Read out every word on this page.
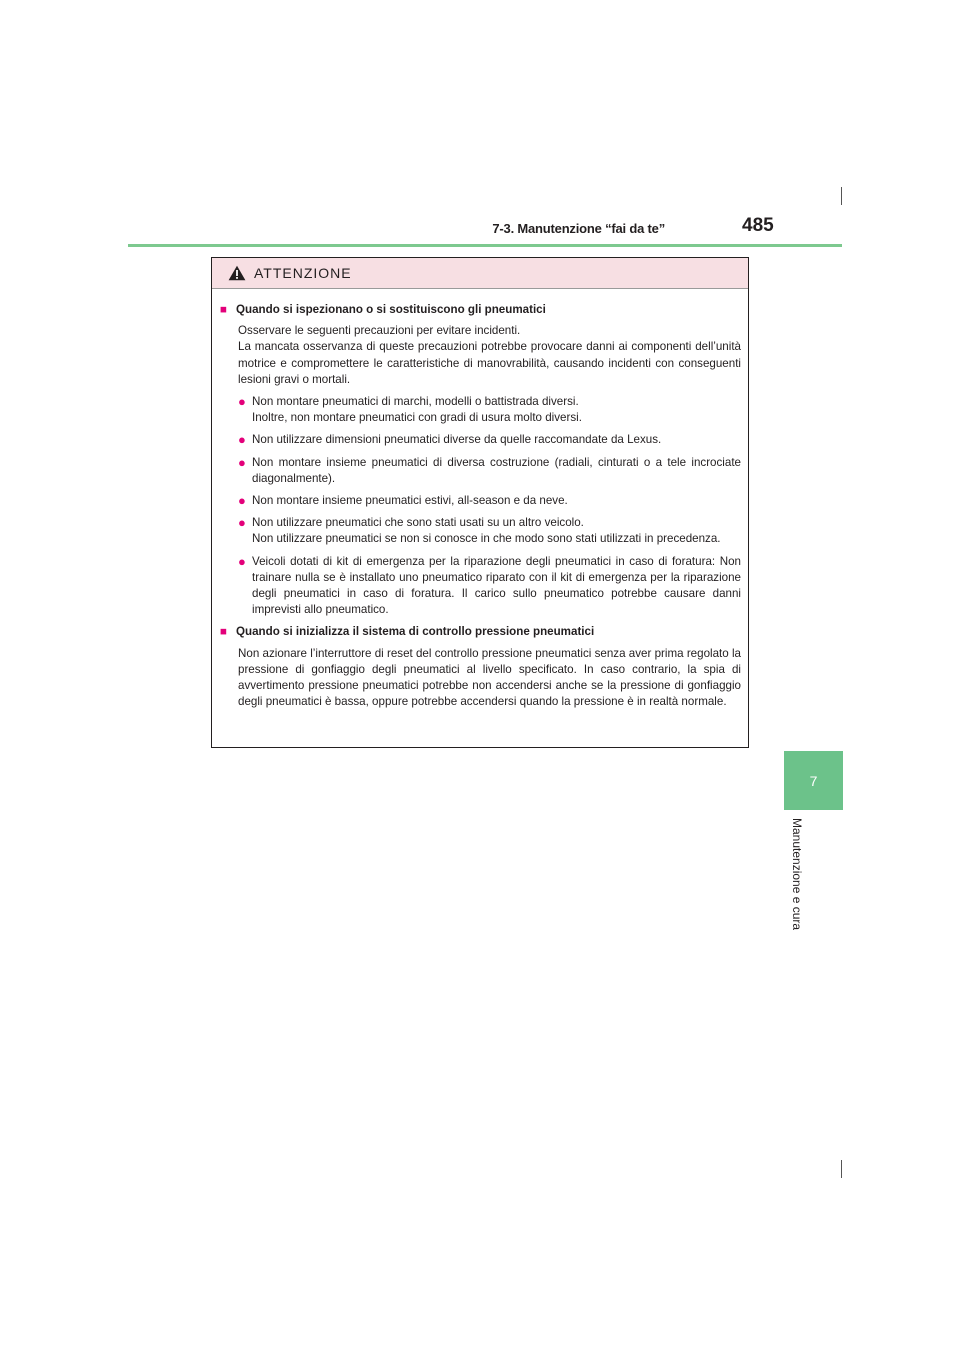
7-3. Manutenzione “fai da te”	485
7
Manutenzione e cura
ATTENZIONE
■ Quando si ispezionano o si sostituiscono gli pneumatici
Osservare le seguenti precauzioni per evitare incidenti.
La mancata osservanza di queste precauzioni potrebbe provocare danni ai componenti dell’unità motrice e compromettere le caratteristiche di manovrabilità, causando incidenti con conseguenti lesioni gravi o mortali.
● Non montare pneumatici di marchi, modelli o battistrada diversi.
Inoltre, non montare pneumatici con gradi di usura molto diversi.
● Non utilizzare dimensioni pneumatici diverse da quelle raccomandate da Lexus.
● Non montare insieme pneumatici di diversa costruzione (radiali, cinturati o a tele incrociate diagonalmente).
● Non montare insieme pneumatici estivi, all-season e da neve.
● Non utilizzare pneumatici che sono stati usati su un altro veicolo.
Non utilizzare pneumatici se non si conosce in che modo sono stati utilizzati in precedenza.
● Veicoli dotati di kit di emergenza per la riparazione degli pneumatici in caso di foratura: Non trainare nulla se è installato uno pneumatico riparato con il kit di emergenza per la riparazione degli pneumatici in caso di foratura. Il carico sullo pneumatico potrebbe causare danni imprevisti allo pneumatico.
■ Quando si inizializza il sistema di controllo pressione pneumatici
Non azionare l’interruttore di reset del controllo pressione pneumatici senza aver prima regolato la pressione di gonfiaggio degli pneumatici al livello specificato. In caso contrario, la spia di avvertimento pressione pneumatici potrebbe non accendersi anche se la pressione di gonfiaggio degli pneumatici è bassa, oppure potrebbe accendersi quando la pressione è in realtà normale.
